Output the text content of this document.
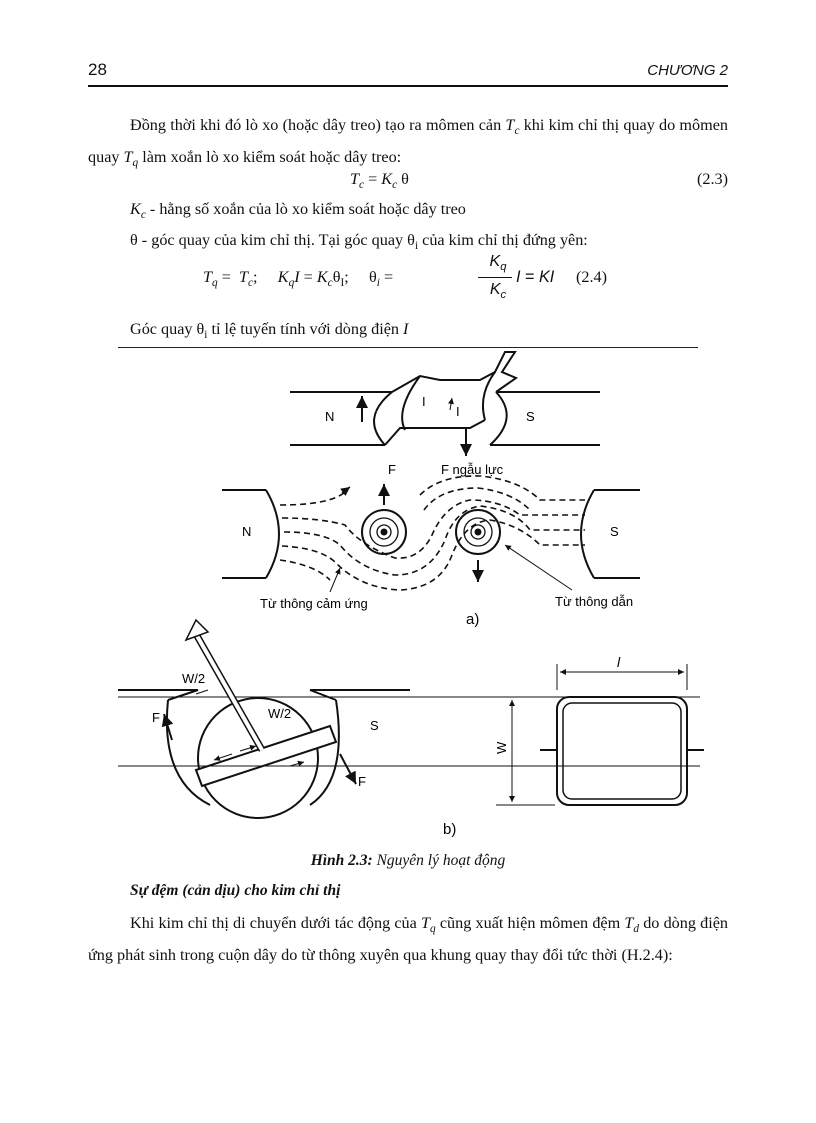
28	CHƯƠNG 2
Đồng thời khi đó lò xo (hoặc dây treo) tạo ra mômen cản $T_c$ khi kim chỉ thị quay do mômen quay $T_q$ làm xoắn lò xo kiểm soát hoặc dây treo:
$T_c = K_c$ θ	(2.3)
$K_c$ - hằng số xoắn của lò xo kiểm soát hoặc dây treo
θ - góc quay của kim chỉ thị. Tại góc quay $\theta_i$ của kim chỉ thị đứng yên:
$T_q = T_c$;     $K_qI = K_c\theta_I$;     $\theta_i$ =
$K_q$
$K_c$
I = KI (2.4)
Góc quay $\theta_i$ tỉ lệ tuyến tính với dòng điện I
N	S
I
I
N	S
F	F ngẫu lực
Từ thông cảm ứng	Từ thông dẫn
a)
W/2
W/2
F
F
S
l
W
b)
Hình 2.3: Nguyên lý hoạt động
Sự đệm (cản dịu) cho kim chỉ thị
Khi kim chỉ thị di chuyển dưới tác động của $T_q$ cũng xuất hiện mômen đệm $T_d$ do dòng điện ứng phát sinh trong cuộn dây do từ thông xuyên qua khung quay thay đổi tức thời (H.2.4):
